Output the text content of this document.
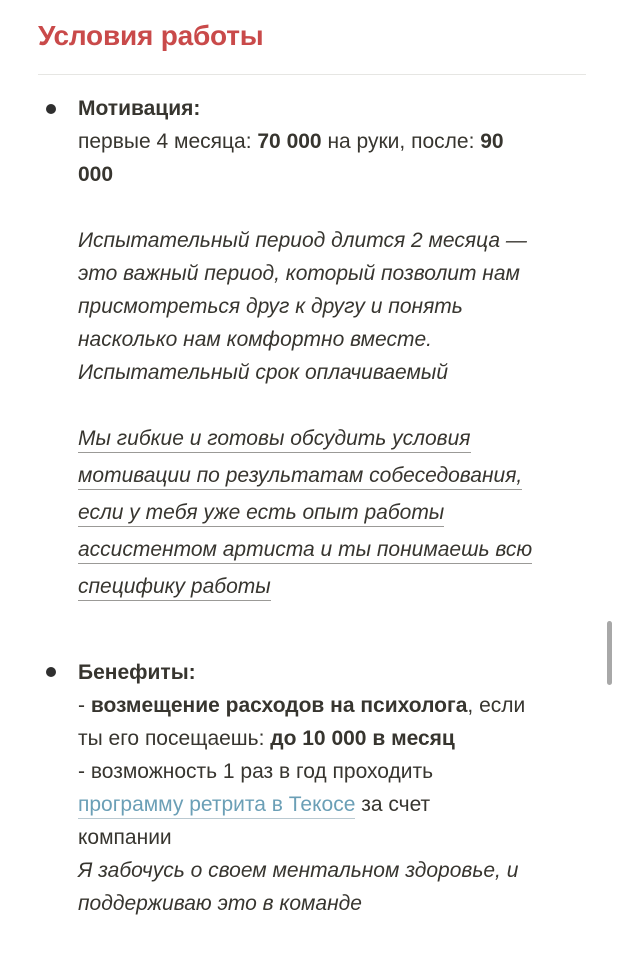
Условия работы
Мотивация:
первые 4 месяца: 70 000 на руки, после: 90
000
Испытательный период длится 2 месяца —
это важный период, который позволит нам
присмотреться друг к другу и понять
насколько нам комфортно вместе.
Испытательный срок оплачиваемый
Мы гибкие и готовы обсудить условия
мотивации по результатам собеседования,
если у тебя уже есть опыт работы
ассистентом артиста и ты понимаешь всю
специфику работы
Бенефиты:
- возмещение расходов на психолога, если
ты его посещаешь: до 10 000 в месяц
- возможность 1 раз в год проходить
программу ретрита в Текосе за счет
компании
Я забочусь о своем ментальном здоровье, и
поддерживаю это в команде
